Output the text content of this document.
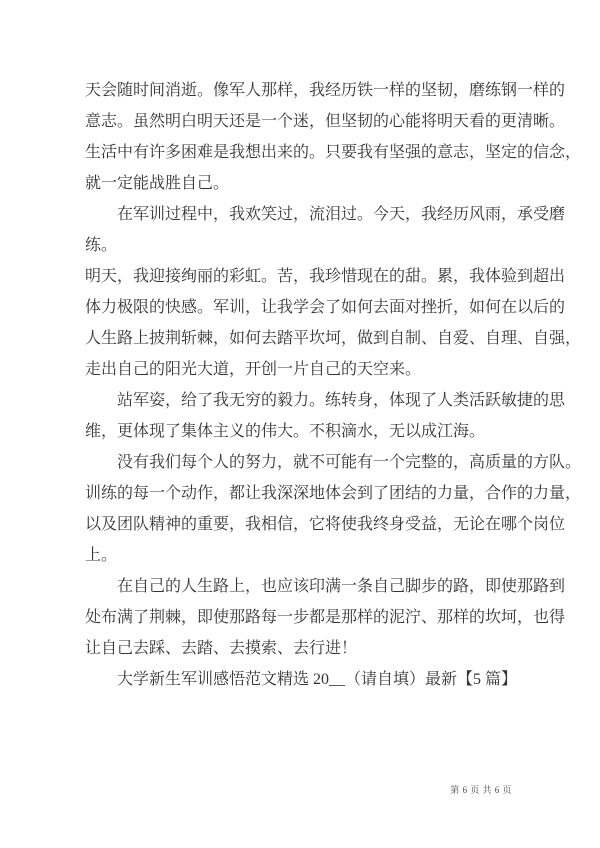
天会随时间消逝。像军人那样，我经历铁一样的坚韧，磨练钢一样的
意志。虽然明白明天还是一个迷，但坚韧的心能将明天看的更清晰。
生活中有许多困难是我想出来的。只要我有坚强的意志，坚定的信念，
就一定能战胜自己。
在军训过程中，我欢笑过，流泪过。今天，我经历风雨，承受磨
练。
明天，我迎接绚丽的彩虹。苦，我珍惜现在的甜。累，我体验到超出
体力极限的快感。军训，让我学会了如何去面对挫折，如何在以后的
人生路上披荆斩棘，如何去踏平坎坷，做到自制、自爱、自理、自强，
走出自己的阳光大道，开创一片自己的天空来。
站军姿，给了我无穷的毅力。练转身，体现了人类活跃敏捷的思
维，更体现了集体主义的伟大。不积滴水，无以成江海。
没有我们每个人的努力，就不可能有一个完整的，高质量的方队。
训练的每一个动作，都让我深深地体会到了团结的力量，合作的力量，
以及团队精神的重要，我相信，它将使我终身受益，无论在哪个岗位
上。
在自己的人生路上，也应该印满一条自己脚步的路，即使那路到
处布满了荆棘，即使那路每一步都是那样的泥泞、那样的坎坷，也得
让自己去踩、去踏、去摸索、去行进！
大学新生军训感悟范文精选 20__（请自填）最新【5 篇】
第 6 页 共 6 页
